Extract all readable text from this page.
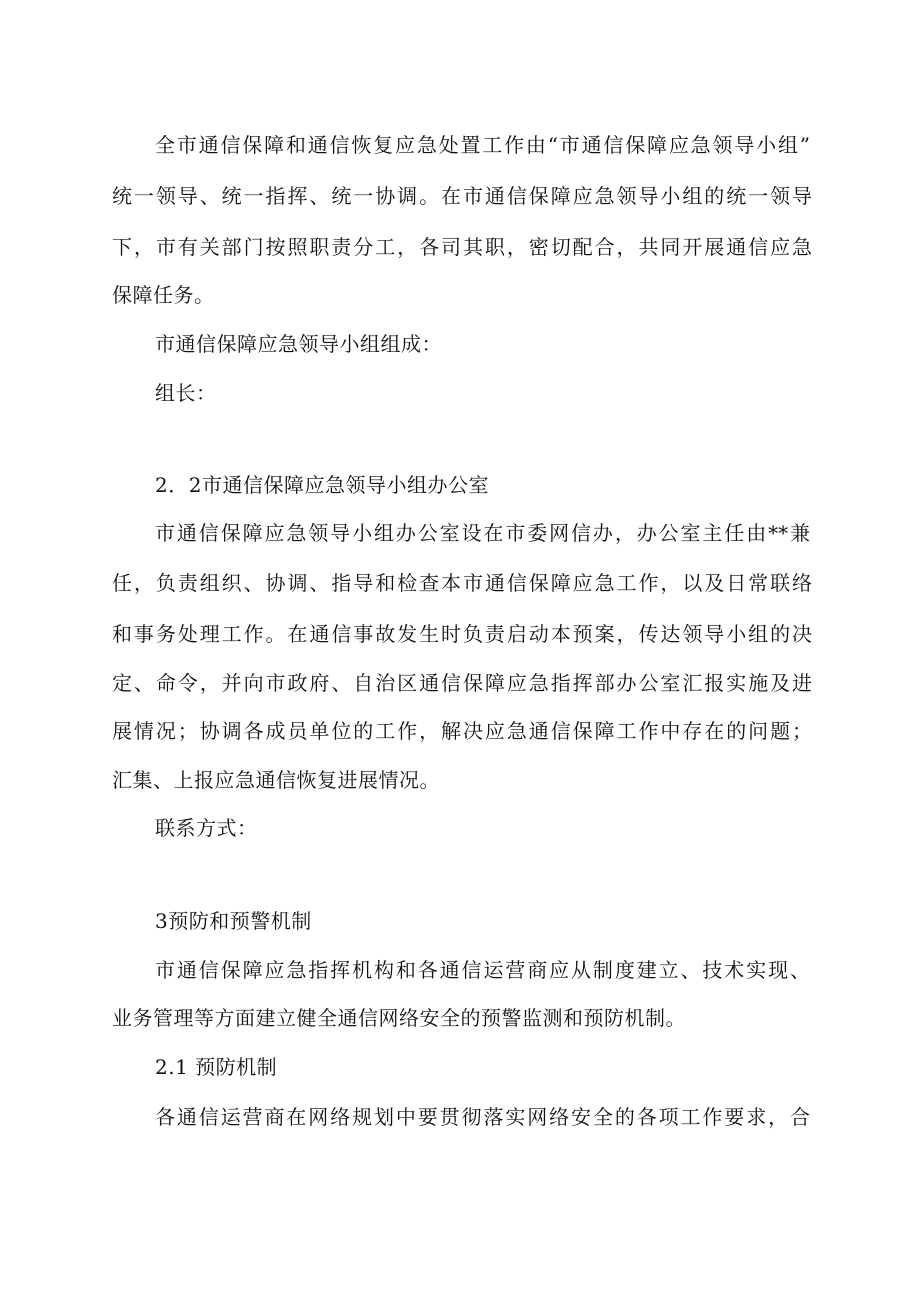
全市通信保障和通信恢复应急处置工作由“市通信保障应急领导小组”
统一领导、统一指挥、统一协调。在市通信保障应急领导小组的统一领导
下，市有关部门按照职责分工，各司其职，密切配合，共同开展通信应急
保障任务。
市通信保障应急领导小组组成：
组长：
2．2市通信保障应急领导小组办公室
市通信保障应急领导小组办公室设在市委网信办，办公室主任由**兼
任，负责组织、协调、指导和检查本市通信保障应急工作，以及日常联络
和事务处理工作。在通信事故发生时负责启动本预案，传达领导小组的决
定、命令，并向市政府、自治区通信保障应急指挥部办公室汇报实施及进
展情况；协调各成员单位的工作，解决应急通信保障工作中存在的问题；
汇集、上报应急通信恢复进展情况。
联系方式：
3预防和预警机制
市通信保障应急指挥机构和各通信运营商应从制度建立、技术实现、
业务管理等方面建立健全通信网络安全的预警监测和预防机制。
2.1 预防机制
各通信运营商在网络规划中要贯彻落实网络安全的各项工作要求，合
